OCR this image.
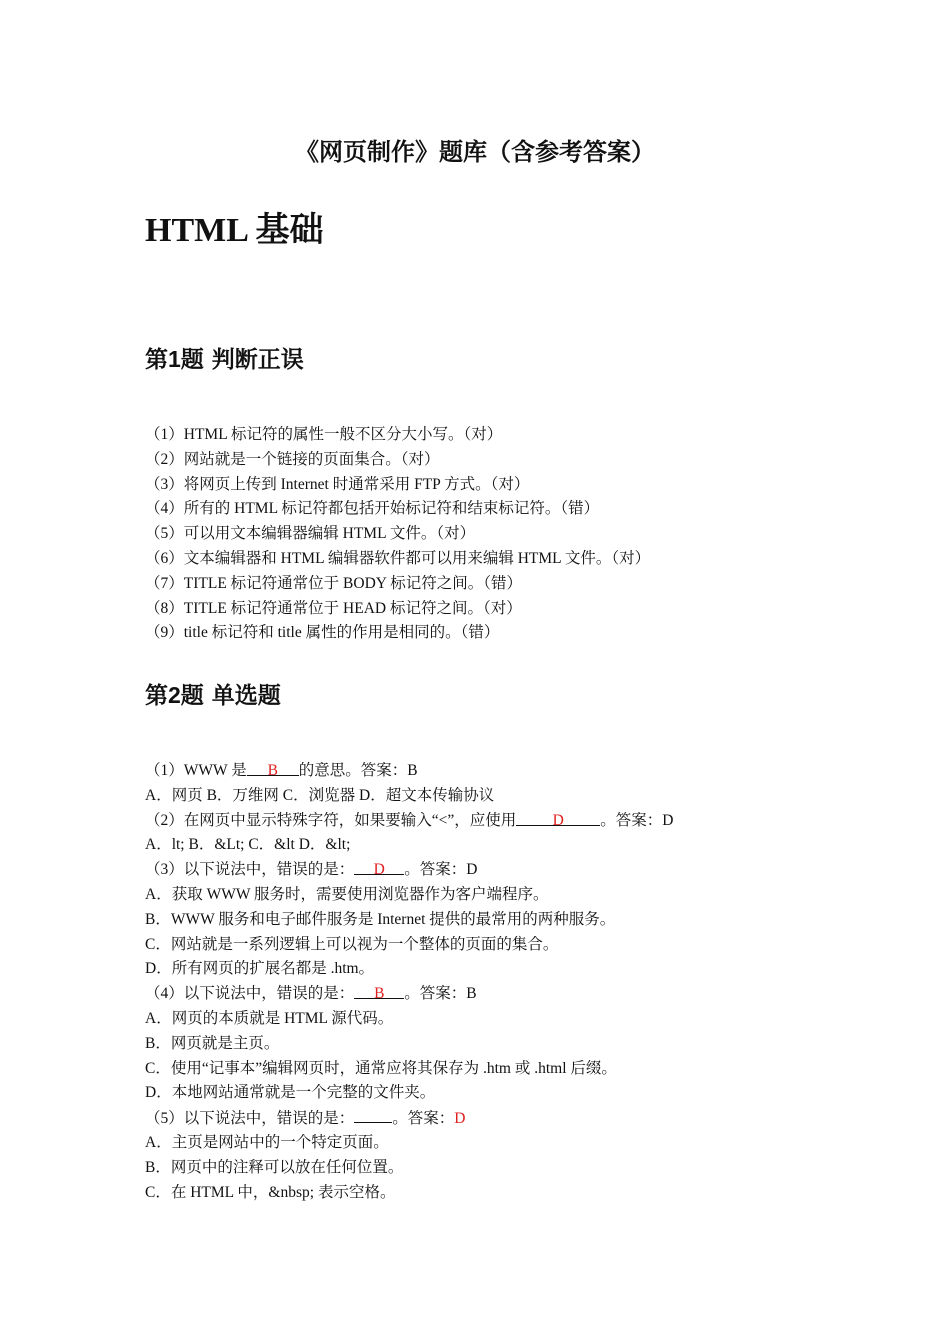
《网页制作》题库（含参考答案）
HTML 基础
第1题 判断正误
（1）HTML 标记符的属性一般不区分大小写。（对）
（2）网站就是一个链接的页面集合。（对）
（3）将网页上传到 Internet 时通常采用 FTP 方式。（对）
（4）所有的 HTML 标记符都包括开始标记符和结束标记符。（错）
（5）可以用文本编辑器编辑 HTML 文件。（对）
（6）文本编辑器和 HTML 编辑器软件都可以用来编辑 HTML 文件。（对）
（7）TITLE 标记符通常位于 BODY 标记符之间。（错）
（8）TITLE 标记符通常位于 HEAD 标记符之间。（对）
（9）title 标记符和 title 属性的作用是相同的。（错）
第2题 单选题
（1）WWW 是 B 的意思。答案：B
A．网页 B．万维网 C．浏览器 D．超文本传输协议
（2）在网页中显示特殊字符，如果要输入“<”，应使用 D 。答案：D
A．lt; B．&Lt; C．&lt D．&lt;
（3）以下说法中，错误的是： D 。答案：D
A．获取 WWW 服务时，需要使用浏览器作为客户端程序。
B．WWW 服务和电子邮件服务是 Internet 提供的最常用的两种服务。
C．网站就是一系列逻辑上可以视为一个整体的页面的集合。
D．所有网页的扩展名都是 .htm。
（4）以下说法中，错误的是： B 。答案：B
A．网页的本质就是 HTML 源代码。
B．网页就是主页。
C．使用“记事本”编辑网页时，通常应将其保存为 .htm 或 .html 后缀。
D．本地网站通常就是一个完整的文件夹。
（5）以下说法中，错误的是： 。答案：D
A．主页是网站中的一个特定页面。
B．网页中的注释可以放在任何位置。
C．在 HTML 中，&nbsp; 表示空格。
